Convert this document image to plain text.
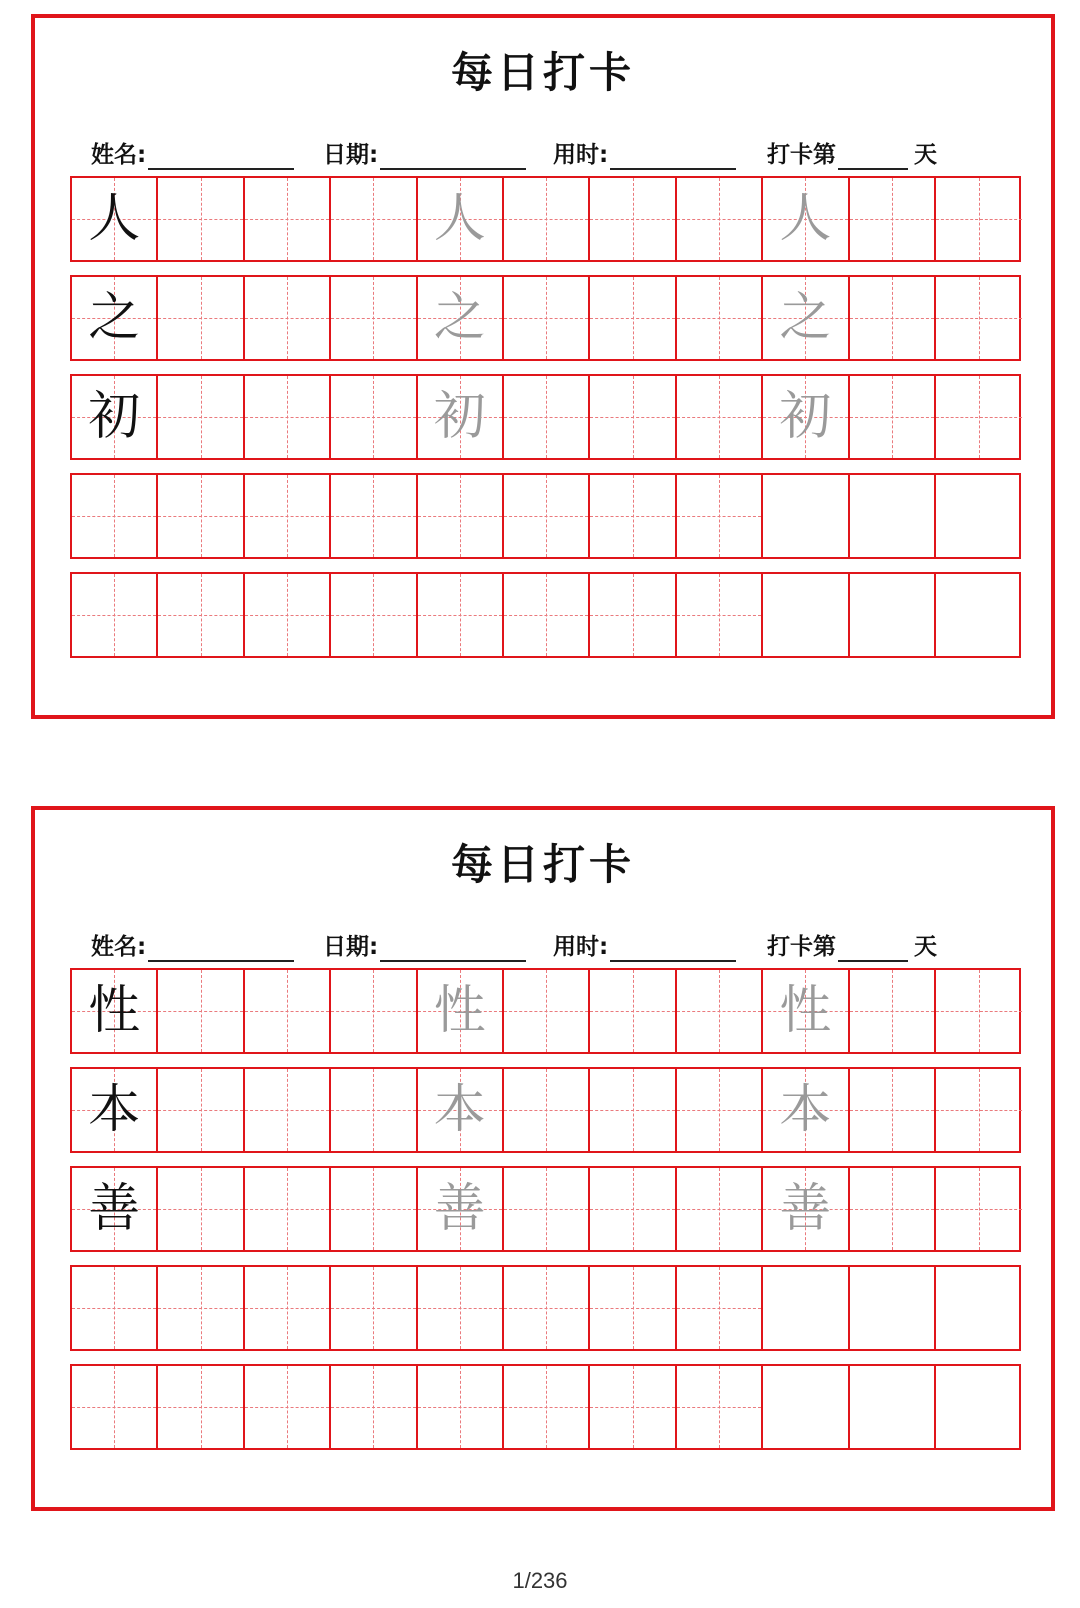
每日打卡
姓名:	日期:	用时:	打卡第	天
人	人	人
之	之	之
初	初	初
每日打卡
姓名:	日期:	用时:	打卡第	天
性	性	性
本	本	本
善	善	善
1/236
